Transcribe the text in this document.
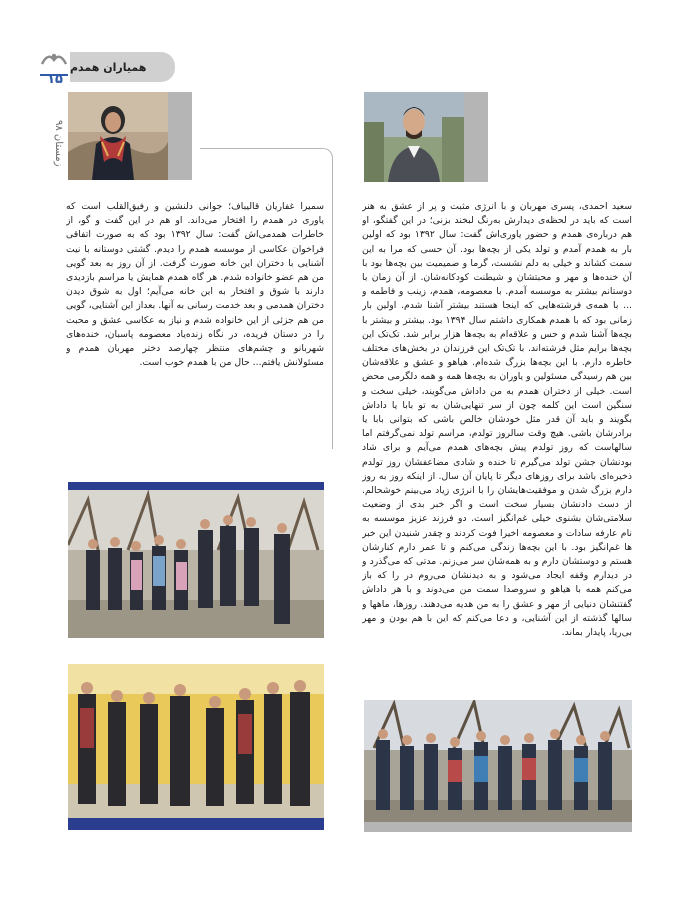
۱۵
زمستان ۹۸
همیاران همدم
سمیرا غفاریان قالیباف؛ جوانی دلنشین و رفیق‌القلب است که یاوری در همدم را افتخار می‌داند. او هم در این گفت و گو، از خاطرات همدمی‌اش گفت: سال ۱۳۹۲ بود که به صورت اتفاقی فراخوان عکاسی از موسسه همدم را دیدم. گشتی دوستانه با نیت آشنایی با دختران این خانه صورت گرفت. از آن روز به بعد گویی من هم عضو خانواده شدم. هر گاه همدم همایش یا مراسم بازدیدی دارند با شوق و افتخار به این خانه می‌آیم؛ اول به شوق دیدن دختران همدمی و بعد خدمت رسانی به آنها. بعداز این آشنایی، گویی من هم جزئی از این خانواده شدم و نیاز به عکاسی عشق و محبت را در دستان فریده، در نگاه زنده‌یاد معصومه پاسبان، خنده‌های شهربانو و چشم‌های منتظر چهارصد دختر مهربان همدم و مسئولانش یافتم... حال من با همدم خوب است.
سعید احمدی، پسری مهربان و با انرژی مثبت و پر از عشق به هنر است که باید در لحظه‌ی دیدارش به‌رنگ لبخند بزنی؛ در این گفتگو، او هم درباره‌ی همدم و حضور یاوری‌اش گفت: سال ۱۳۹۲ بود که اولین بار به همدم آمدم و تولد یکی از بچه‌ها بود. آن حسی که مرا به این سمت کشاند و خیلی به دلم نشست، گرما و صمیمیت بین بچه‌ها بود با آن خنده‌ها و مهر و محبتشان و شیطنت کودکانه‌شان. از آن زمان با دوستانم بیشتر به موسسه آمدم. با معصومه، همدم، زینب و فاطمه و ... با همه‌ی فرشته‌هایی که اینجا هستند بیشتر آشنا شدم. اولین بار زمانی بود که با همدم همکاری داشتم سال ۱۳۹۴ بود. بیشتر و بیشتر با بچه‌ها آشنا شدم و حس و علاقه‌ام به بچه‌ها هزار برابر شد. تک‌تک این بچه‌ها برایم مثل فرشته‌اند. با تک‌تک این فرزندان در بخش‌های مختلف خاطره دارم. با این بچه‌ها بزرگ شده‌ام. هیاهو و عشق و علاقه‌شان بین هم رسیدگی مسئولین و یاوران به بچه‌ها همه و همه دلگرمی محض است. خیلی از دختران همدم به من داداش می‌گویند، خیلی سخت و سنگین است این کلمه چون از سر تنهایی‌شان به تو بابا یا داداش بگویند و باید آن قدر مثل خودشان خالص باشی که بتوانی بابا یا برادرشان باشی. هیچ وقت سالروز تولدم، مراسم تولد نمی‌گرفتم اما سالهاست که روز تولدم پیش بچه‌های همدم می‌آیم و برای شاد بودنشان جشن تولد می‌گیرم تا خنده و شادی مضاعفشان روز تولدم ذخیره‌ای باشد برای روزهای دیگر تا پایان آن سال. از اینکه روز به روز دارم بزرگ شدن و موفقیت‌هایشان را با انرژی زیاد می‌بینم خوشحالم. از دست دادنشان بسیار سخت است و اگر خبر بدی از وضعیت سلامتی‌شان بشنوی خیلی غم‌انگیز است. دو فرزند عزیز موسسه به نام عارفه سادات و معصومه اخیرا فوت کردند و چقدر شنیدن این خبر ها غم‌انگیز بود. با این بچه‌ها زندگی می‌کنم و تا عمر دارم کنارشان هستم و دوستشان دارم و به همه‌شان سر می‌زنم. مدتی که می‌گذرد و در دیدارم وقفه ایجاد می‌شود و به دیدنشان می‌روم در را که باز می‌کنم همه با هیاهو و سروصدا سمت من می‌دوند و با هر داداش گفتنشان دنیایی از مهر و عشق را به من هدیه می‌دهند. روزها، ماهها و سالها گذشته از این آشنایی، و دعا می‌کنم که این با هم بودن و مهر بی‌ریا، پایدار بماند.
